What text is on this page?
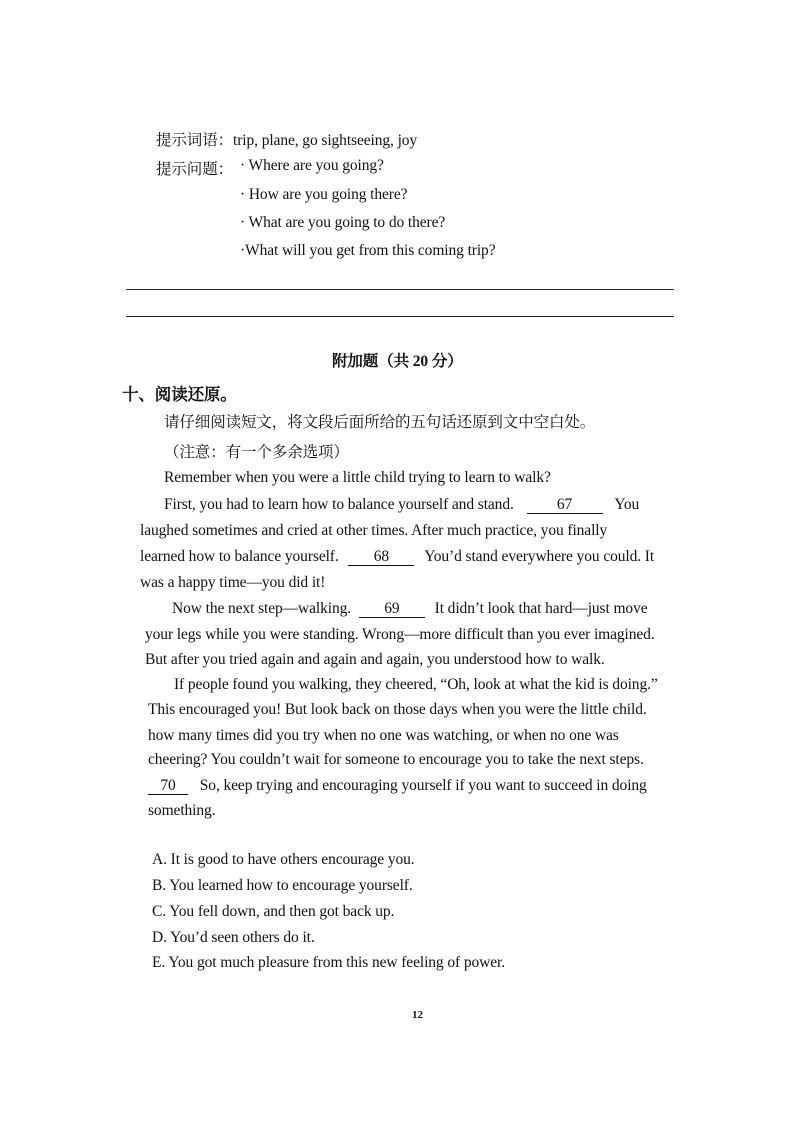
提示词语：trip, plane, go sightseeing, joy
提示问题： · Where are you going?
· How are you going there?
· What are you going to do there?
·What will you get from this coming trip?
附加题（共 20 分）
十、阅读还原。
请仔细阅读短文，将文段后面所给的五句话还原到文中空白处。
（注意：有一个多余选项）
Remember when you were a little child trying to learn to walk?
First, you had to learn how to balance yourself and stand.	67	You
laughed sometimes and cried at other times. After much practice, you finally
learned how to balance yourself. 68 You’d stand everywhere you could. It
was a happy time—you did it!
Now the next step—walking. 69 It didn’t look that hard—just move
your legs while you were standing. Wrong—more difficult than you ever imagined.
But after you tried again and again and again, you understood how to walk.
If people found you walking, they cheered, “Oh, look at what the kid is doing.”
This encouraged you! But look back on those days when you were the little child.
how many times did you try when no one was watching, or when no one was
cheering? You couldn’t wait for someone to encourage you to take the next steps.
70 So, keep trying and encouraging yourself if you want to succeed in doing
something.
A. It is good to have others encourage you.
B. You learned how to encourage yourself.
C. You fell down, and then got back up.
D. You’d seen others do it.
E. You got much pleasure from this new feeling of power.
12
